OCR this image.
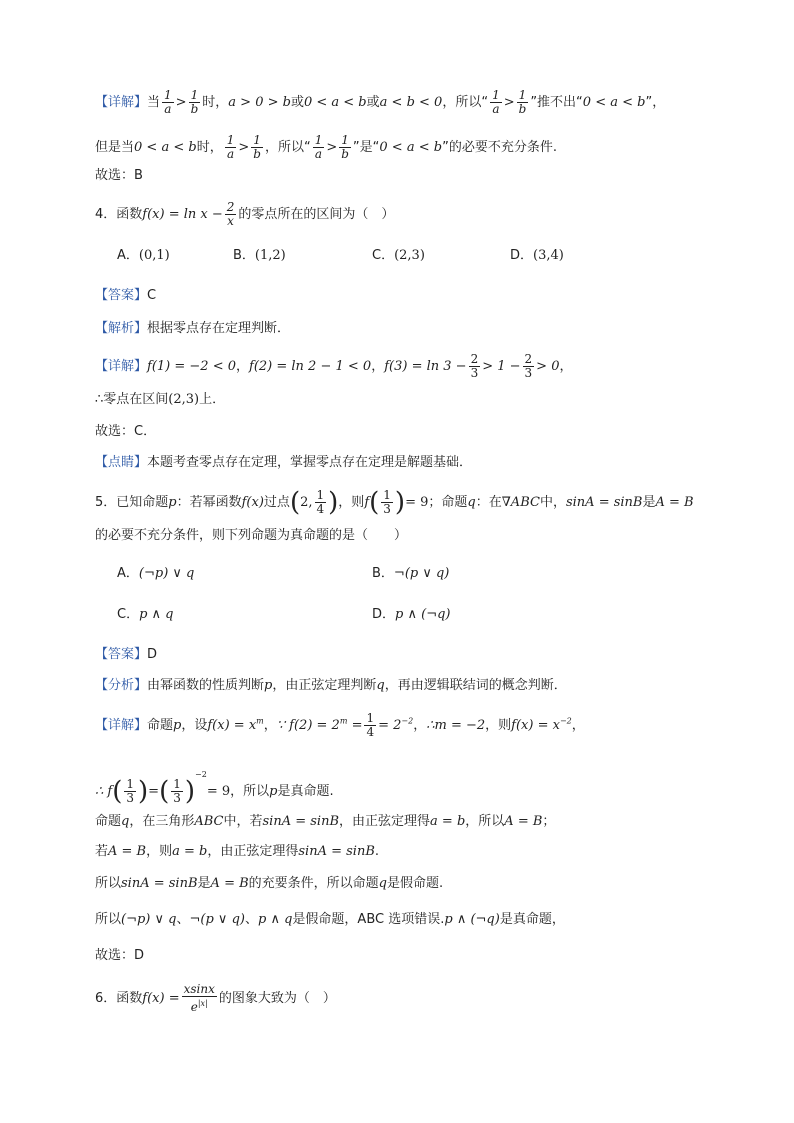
【详解】当 $\frac{1}{a} > \frac{1}{b}$ 时，a > 0 > b或0 < a < b或a < b < 0，所以“ $\frac{1}{a} > \frac{1}{b}$ ”推不出“0 < a < b”，
但是当0 < a < b时， $\frac{1}{a} > \frac{1}{b}$ ，所以“ $\frac{1}{a} > \frac{1}{b}$ ”是“0 < a < b”的必要不充分条件.
故选：B
4．函数$f(x) = \ln x - \frac{2}{x}$ 的零点所在的区间为（　）
A．(0,1)	B．(1,2)	C．(2,3)	D．(3,4)
【答案】C
【解析】根据零点存在定理判断．
【详解】f(1) = −2 < 0，f(2) = ln 2 − 1 < 0，$f(3) = \ln 3 - \frac{2}{3} > 1 - \frac{2}{3} > 0$，
∴零点在区间(2,3)上．
故选：C．
【点睛】本题考查零点存在定理，掌握零点存在定理是解题基础．
5．已知命题p：若幂函数f(x)过点(2, $\frac{1}{4}$ )，则$f( \frac{1}{3}$ )= 9；命题q：在∇ABC中，sinA = sinB是A = B
的必要不充分条件，则下列命题为真命题的是（　　）
A．(¬p) ∨ q	B．¬(p ∨ q)
C．p ∧ q	D．p ∧ (¬q)
【答案】D
【分析】由幂函数的性质判断p，由正弦定理判断q，再由逻辑联结词的概念判断．
【详解】命题p，设$f(x) = x^m$，∵ $f(2) = 2^m = \frac{1}{4} = 2^{-2}$，∴m = −2，则$f(x) = x^{-2}$，
∴ $f( \frac{1}{3}$ )=( $\frac{1}{3} )^{-2}= 9$，所以p是真命题.
命题q，在三角形ABC中，若sinA = sinB，由正弦定理得a = b，所以A = B；
若A = B，则a = b，由正弦定理得sinA = sinB.
所以sinA = sinB是A = B的充要条件，所以命题q是假命题.
所以(¬p) ∨ q、¬(p ∨ q)、p ∧ q是假命题，ABC 选项错误.p ∧ (¬q)是真命题，
故选：D
6．函数$f(x) = \frac{xsinx}{e^{|x|}}$ 的图象大致为（　）
